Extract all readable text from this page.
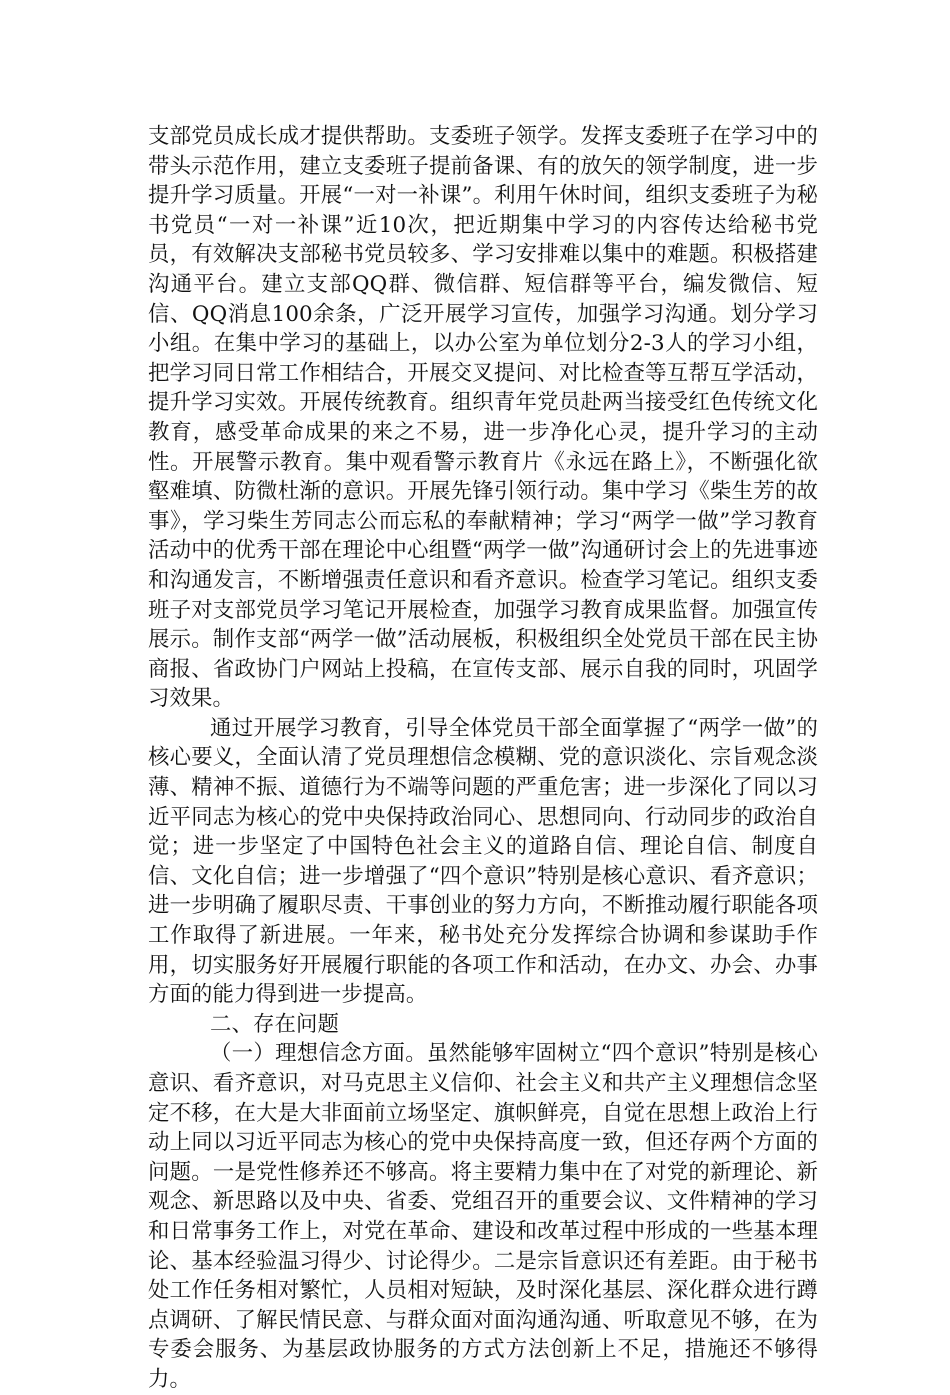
支部党员成长成才提供帮助。支委班子领学。发挥支委班子在学习中的带头示范作用，建立支委班子提前备课、有的放矢的领学制度，进一步提升学习质量。开展“一对一补课”。利用午休时间，组织支委班子为秘书党员“一对一补课”近10次，把近期集中学习的内容传达给秘书党员，有效解决支部秘书党员较多、学习安排难以集中的难题。积极搭建沟通平台。建立支部QQ群、微信群、短信群等平台，编发微信、短信、QQ消息100余条，广泛开展学习宣传，加强学习沟通。划分学习小组。在集中学习的基础上，以办公室为单位划分2-3人的学习小组，把学习同日常工作相结合，开展交叉提问、对比检查等互帮互学活动，提升学习实效。开展传统教育。组织青年党员赴两当接受红色传统文化教育，感受革命成果的来之不易，进一步净化心灵，提升学习的主动性。开展警示教育。集中观看警示教育片《永远在路上》，不断强化欲壑难填、防微杜渐的意识。开展先锋引领行动。集中学习《柴生芳的故事》，学习柴生芳同志公而忘私的奉献精神；学习“两学一做”学习教育活动中的优秀干部在理论中心组暨“两学一做”沟通研讨会上的先进事迹和沟通发言，不断增强责任意识和看齐意识。检查学习笔记。组织支委班子对支部党员学习笔记开展检查，加强学习教育成果监督。加强宣传展示。制作支部“两学一做”活动展板，积极组织全处党员干部在民主协商报、省政协门户网站上投稿，在宣传支部、展示自我的同时，巩固学习效果。

通过开展学习教育，引导全体党员干部全面掌握了“两学一做”的核心要义，全面认清了党员理想信念模糊、党的意识淡化、宗旨观念淡薄、精神不振、道德行为不端等问题的严重危害；进一步深化了同以习近平同志为核心的党中央保持政治同心、思想同向、行动同步的政治自觉；进一步坚定了中国特色社会主义的道路自信、理论自信、制度自信、文化自信；进一步增强了“四个意识”特别是核心意识、看齐意识；进一步明确了履职尽责、干事创业的努力方向，不断推动履行职能各项工作取得了新进展。一年来，秘书处充分发挥综合协调和参谋助手作用，切实服务好开展履行职能的各项工作和活动，在办文、办会、办事方面的能力得到进一步提高。

二、存在问题

（一）理想信念方面。虽然能够牢固树立“四个意识”特别是核心意识、看齐意识，对马克思主义信仰、社会主义和共产主义理想信念坚定不移，在大是大非面前立场坚定、旗帜鲜亮，自觉在思想上政治上行动上同以习近平同志为核心的党中央保持高度一致，但还存两个方面的问题。一是党性修养还不够高。将主要精力集中在了对党的新理论、新观念、新思路以及中央、省委、党组召开的重要会议、文件精神的学习和日常事务工作上，对党在革命、建设和改革过程中形成的一些基本理论、基本经验温习得少、讨论得少。二是宗旨意识还有差距。由于秘书处工作任务相对繁忙，人员相对短缺，及时深化基层、深化群众进行蹲点调研、了解民情民意、与群众面对面沟通沟通、听取意见不够，在为专委会服务、为基层政协服务的方式方法创新上不足，措施还不够得力。
